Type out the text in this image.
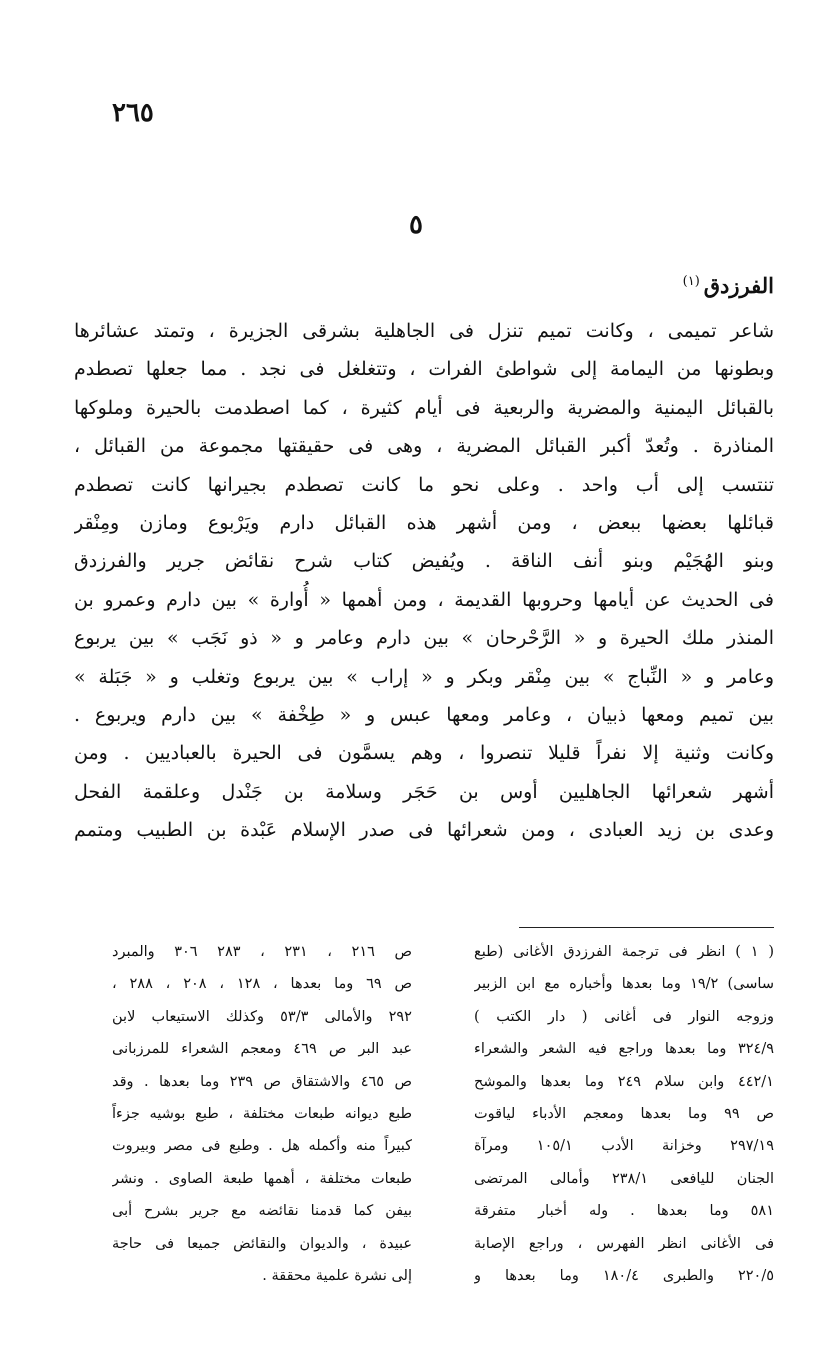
٢٦٥
٥
الفرزدق$^{(١)}$
شاعر تميمى ، وكانت تميم تنزل فى الجاهلية بشرقى الجزيرة ، وتمتد عشائرها
وبطونها من اليمامة إلى شواطئ الفرات ، وتتغلغل فى نجد . مما جعلها تصطدم
بالقبائل اليمنية والمضرية والربعية فى أيام كثيرة ، كما اصطدمت بالحيرة وملوكها
المناذرة . وتُعدّ أكبر القبائل المضرية ، وهى فى حقيقتها مجموعة من القبائل ،
تنتسب إلى أب واحد . وعلى نحو ما كانت تصطدم بجيرانها كانت تصطدم
قبائلها بعضها ببعض ، ومن أشهر هذه القبائل دارم ويَرْبوع ومازن ومِنْقر
وبنو الهُجَيْم وبنو أنف الناقة . ويُفيض كتاب شرح نقائض جرير والفرزدق
فى الحديث عن أيامها وحروبها القديمة ، ومن أهمها « أُوارة » بين دارم وعمرو بن
المنذر ملك الحيرة و « الرَّحْرحان » بين دارم وعامر و « ذو نَجَب » بين يربوع
وعامر و « النِّباج » بين مِنْقر وبكر و « إراب » بين يربوع وتغلب و « جَبَلة »
بين تميم ومعها ذبيان ، وعامر ومعها عبس و « طِخْفة » بين دارم ويربوع .
وكانت وثنية إلا نفراً قليلا تنصروا ، وهم يسمَّون فى الحيرة بالعباديين . ومن
أشهر شعرائها الجاهليين أوس بن حَجَر وسلامة بن جَنْدل وعلقمة الفحل
وعدى بن زيد العبادى ، ومن شعرائها فى صدر الإسلام عَبْدة بن الطبيب ومتمم
( ١ ) انظر فى ترجمة الفرزدق الأغانى (طبع
ساسى) ١٩/٢ وما بعدها وأخباره مع ابن الزبير
وزوجه النوار فى أغانى ( دار الكتب )
٣٢٤/٩ وما بعدها وراجع فيه الشعر والشعراء
٤٤٢/١ وابن سلام ٢٤٩ وما بعدها والموشح
ص ٩٩ وما بعدها ومعجم الأدباء لياقوت
٢٩٧/١٩ وخزانة الأدب ١٠٥/١ ومرآة
الجنان لليافعى ٢٣٨/١ وأمالى المرتضى
٥٨١ وما بعدها . وله أخبار متفرقة
فى الأغانى انظر الفهرس ، وراجع الإصابة
٢٢٠/٥ والطبرى ١٨٠/٤ وما بعدها و
ص ٢١٦ ، ٢٣١ ، ٢٨٣ ٣٠٦ والمبرد
ص ٦٩ وما بعدها ، ١٢٨ ، ٢٠٨ ، ٢٨٨ ،
٢٩٢ والأمالى ٥٣/٣ وكذلك الاستيعاب لابن
عبد البر ص ٤٦٩ ومعجم الشعراء للمرزبانى
ص ٤٦٥ والاشتقاق ص ٢٣٩ وما بعدها . وقد
طبع ديوانه طبعات مختلفة ، طبع بوشيه جزءاً
كبيراً منه وأكمله هل . وطبع فى مصر وبيروت
طبعات مختلفة ، أهمها طبعة الصاوى . ونشر
بيفن كما قدمنا نقائضه مع جرير بشرح أبى
عبيدة ، والديوان والنقائض جميعا فى حاجة
إلى نشرة علمية محققة .
